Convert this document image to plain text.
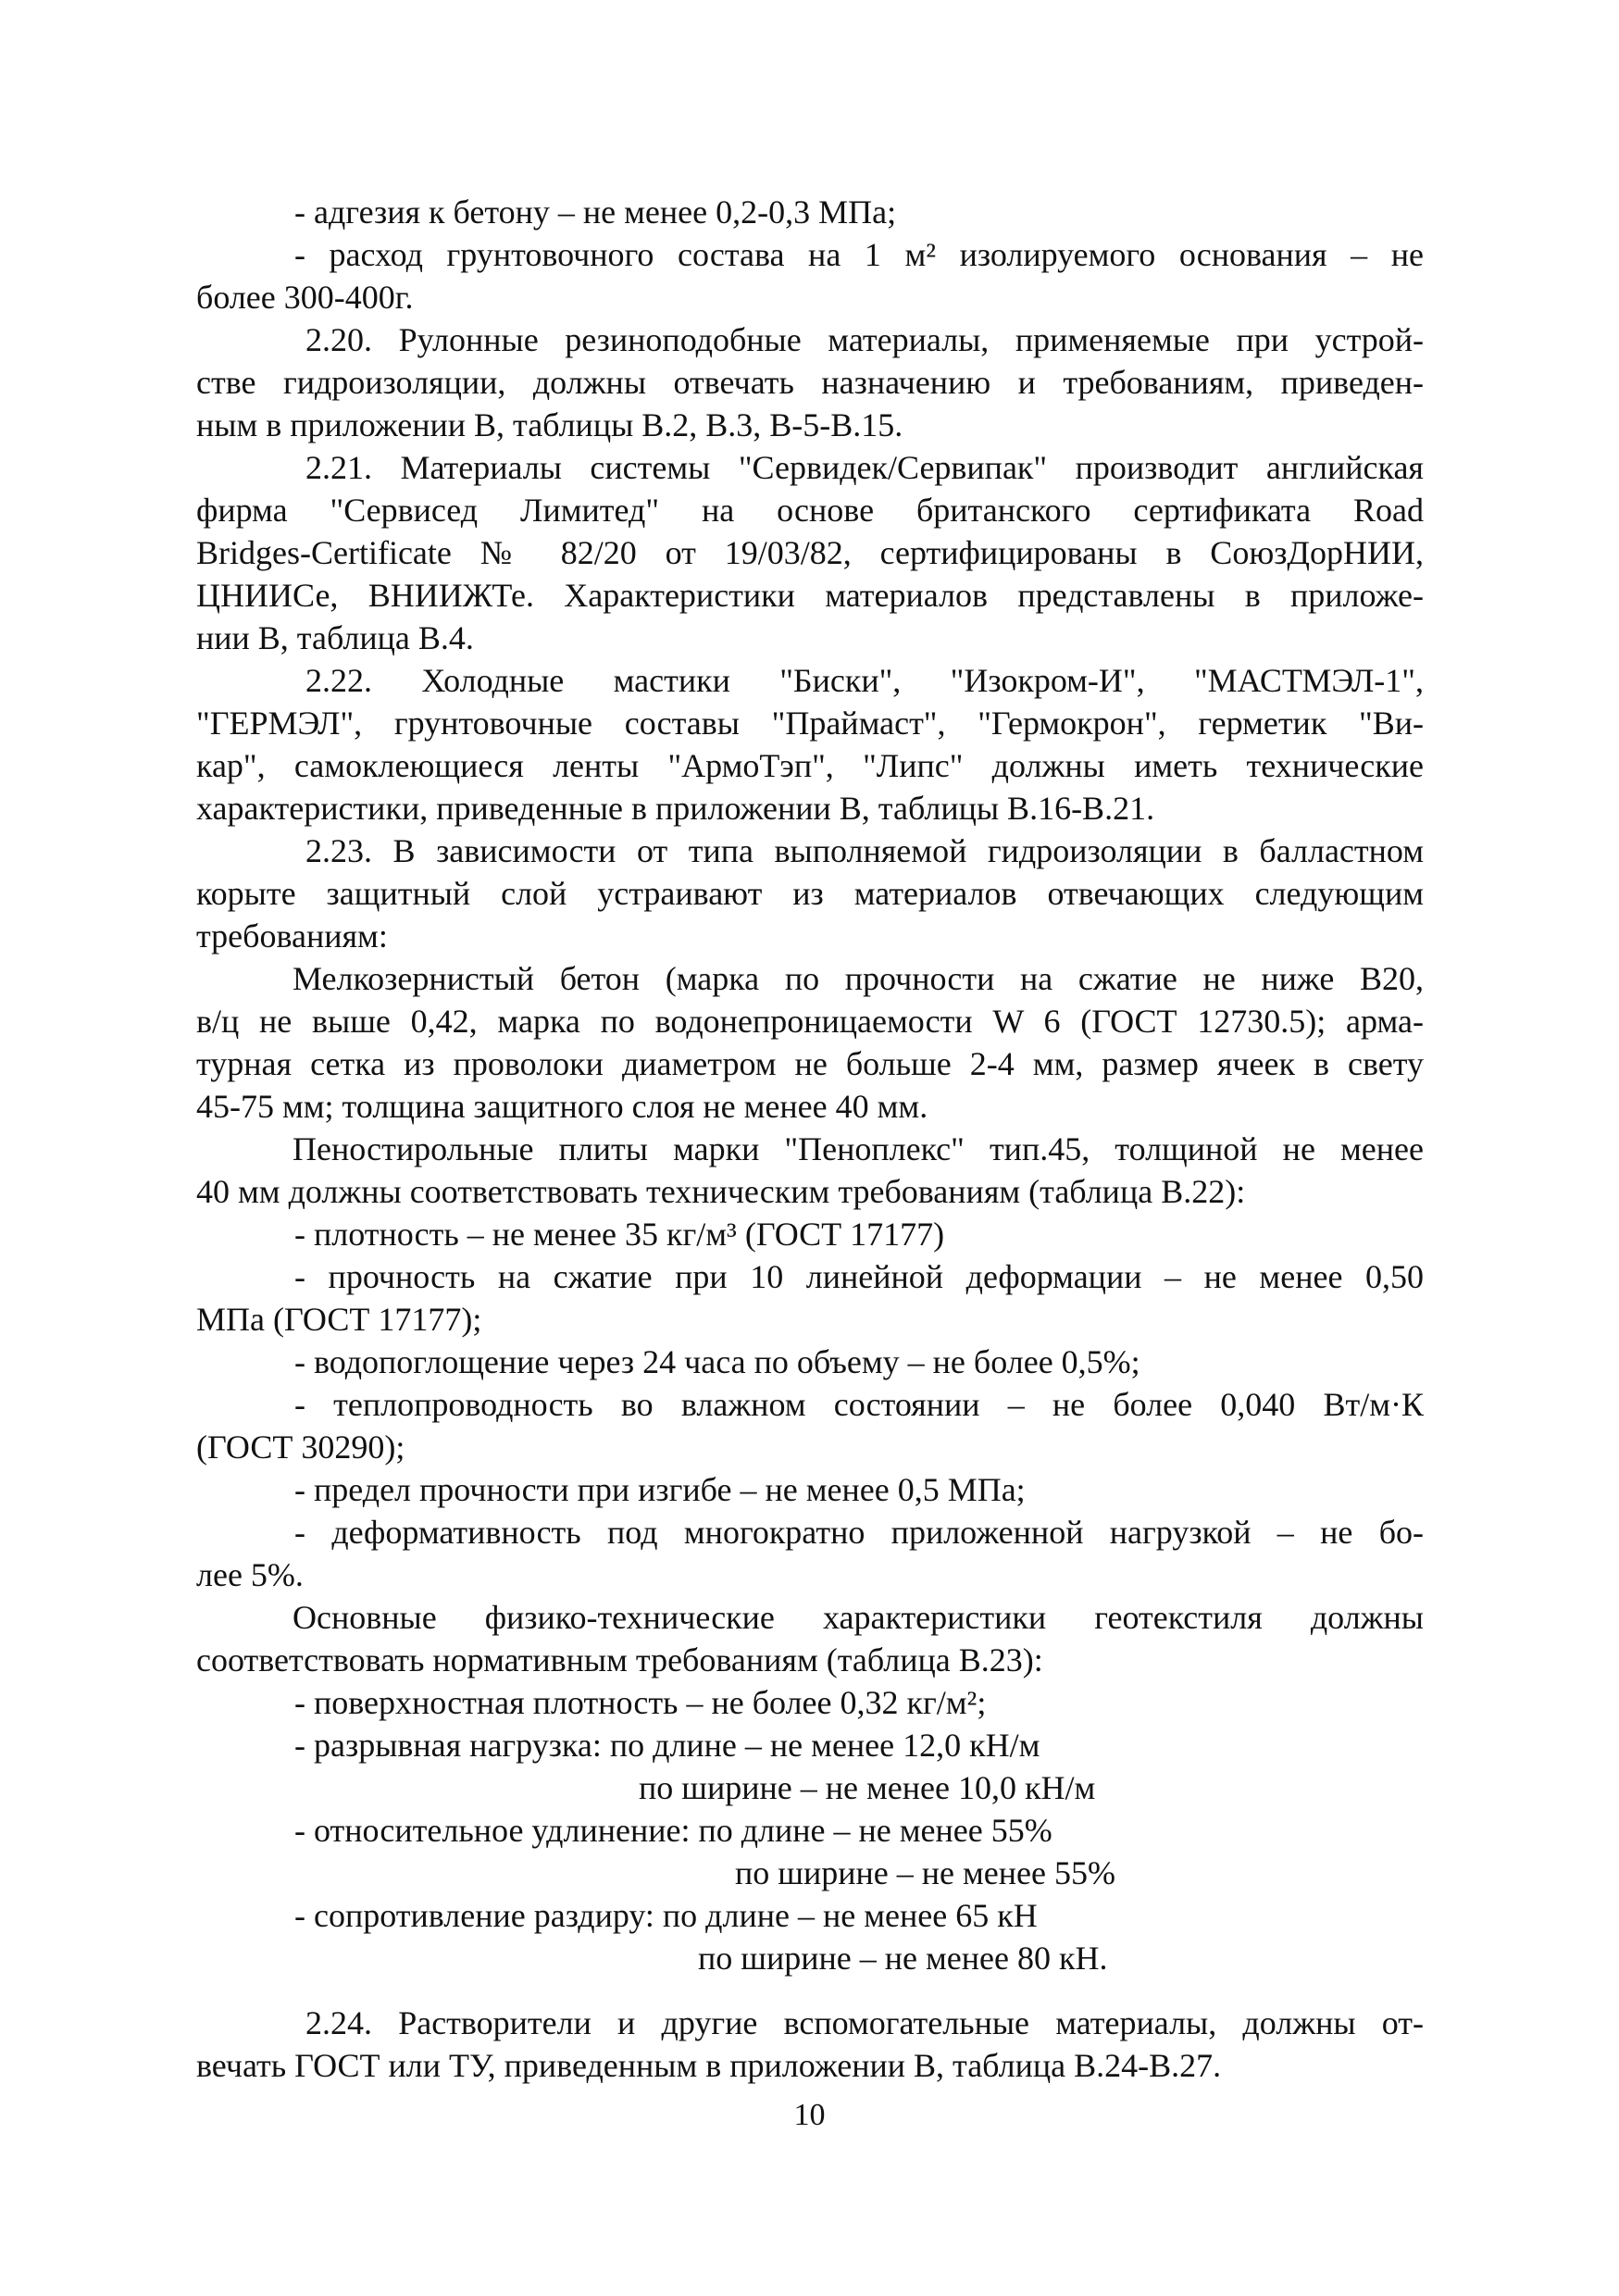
- адгезия к бетону – не менее 0,2-0,3 МПа;

- расход грунтовочного состава на 1 м² изолируемого основания – не

более 300-400г.

2.20. Рулонные резиноподобные материалы, применяемые при устрой-

стве гидроизоляции, должны отвечать назначению и требованиям, приведен-

ным в приложении В, таблицы В.2, В.3, В-5-В.15.

2.21. Материалы системы "Сервидек/Сервипак" производит английская

фирма "Сервисед Лимитед" на основе британского сертификата Road

Bridges-Certificate № 82/20 от 19/03/82, сертифицированы в СоюзДорНИИ,

ЦНИИСе, ВНИИЖТе. Характеристики материалов представлены в приложе-

нии В, таблица В.4.

2.22. Холодные мастики "Биски", "Изокром-И", "МАСТМЭЛ-1",

"ГЕРМЭЛ", грунтовочные составы "Праймаст", "Гермокрон", герметик "Ви-

кар", самоклеющиеся ленты "АрмоТэп", "Липс" должны иметь технические

характеристики, приведенные в приложении В, таблицы В.16-В.21.

2.23. В зависимости от типа выполняемой гидроизоляции в балластном

корыте защитный слой устраивают из материалов отвечающих следующим

требованиям:

Мелкозернистый бетон (марка по прочности на сжатие не ниже В20,

в/ц не выше 0,42, марка по водонепроницаемости W 6 (ГОСТ 12730.5); арма-

турная сетка из проволоки диаметром не больше 2-4 мм, размер ячеек в свету

45-75 мм; толщина защитного слоя не менее 40 мм.

Пеностирольные плиты марки "Пеноплекс" тип.45, толщиной не менее

40 мм должны соответствовать техническим требованиям (таблица В.22):

- плотность – не менее 35 кг/м³ (ГОСТ 17177)

- прочность на сжатие при 10 линейной деформации – не менее 0,50

МПа (ГОСТ 17177);

- водопоглощение через 24 часа по объему – не более 0,5%;

- теплопроводность во влажном состоянии – не более 0,040 Вт/м·К

(ГОСТ 30290);

- предел прочности при изгибе – не менее 0,5 МПа;

- деформативность под многократно приложенной нагрузкой – не бо-

лее 5%.

Основные физико-технические характеристики геотекстиля должны

соответствовать нормативным требованиям (таблица В.23):

- поверхностная плотность – не более 0,32 кг/м²;

- разрывная нагрузка: по длине – не менее 12,0 кН/м

по ширине – не менее 10,0 кН/м

- относительное удлинение: по длине – не менее 55%

по ширине – не менее 55%

- сопротивление раздиру: по длине – не менее 65 кН

по ширине – не менее 80 кН.

2.24. Растворители и другие вспомогательные материалы, должны от-

вечать ГОСТ или ТУ, приведенным в приложении В, таблица В.24-В.27.

10
